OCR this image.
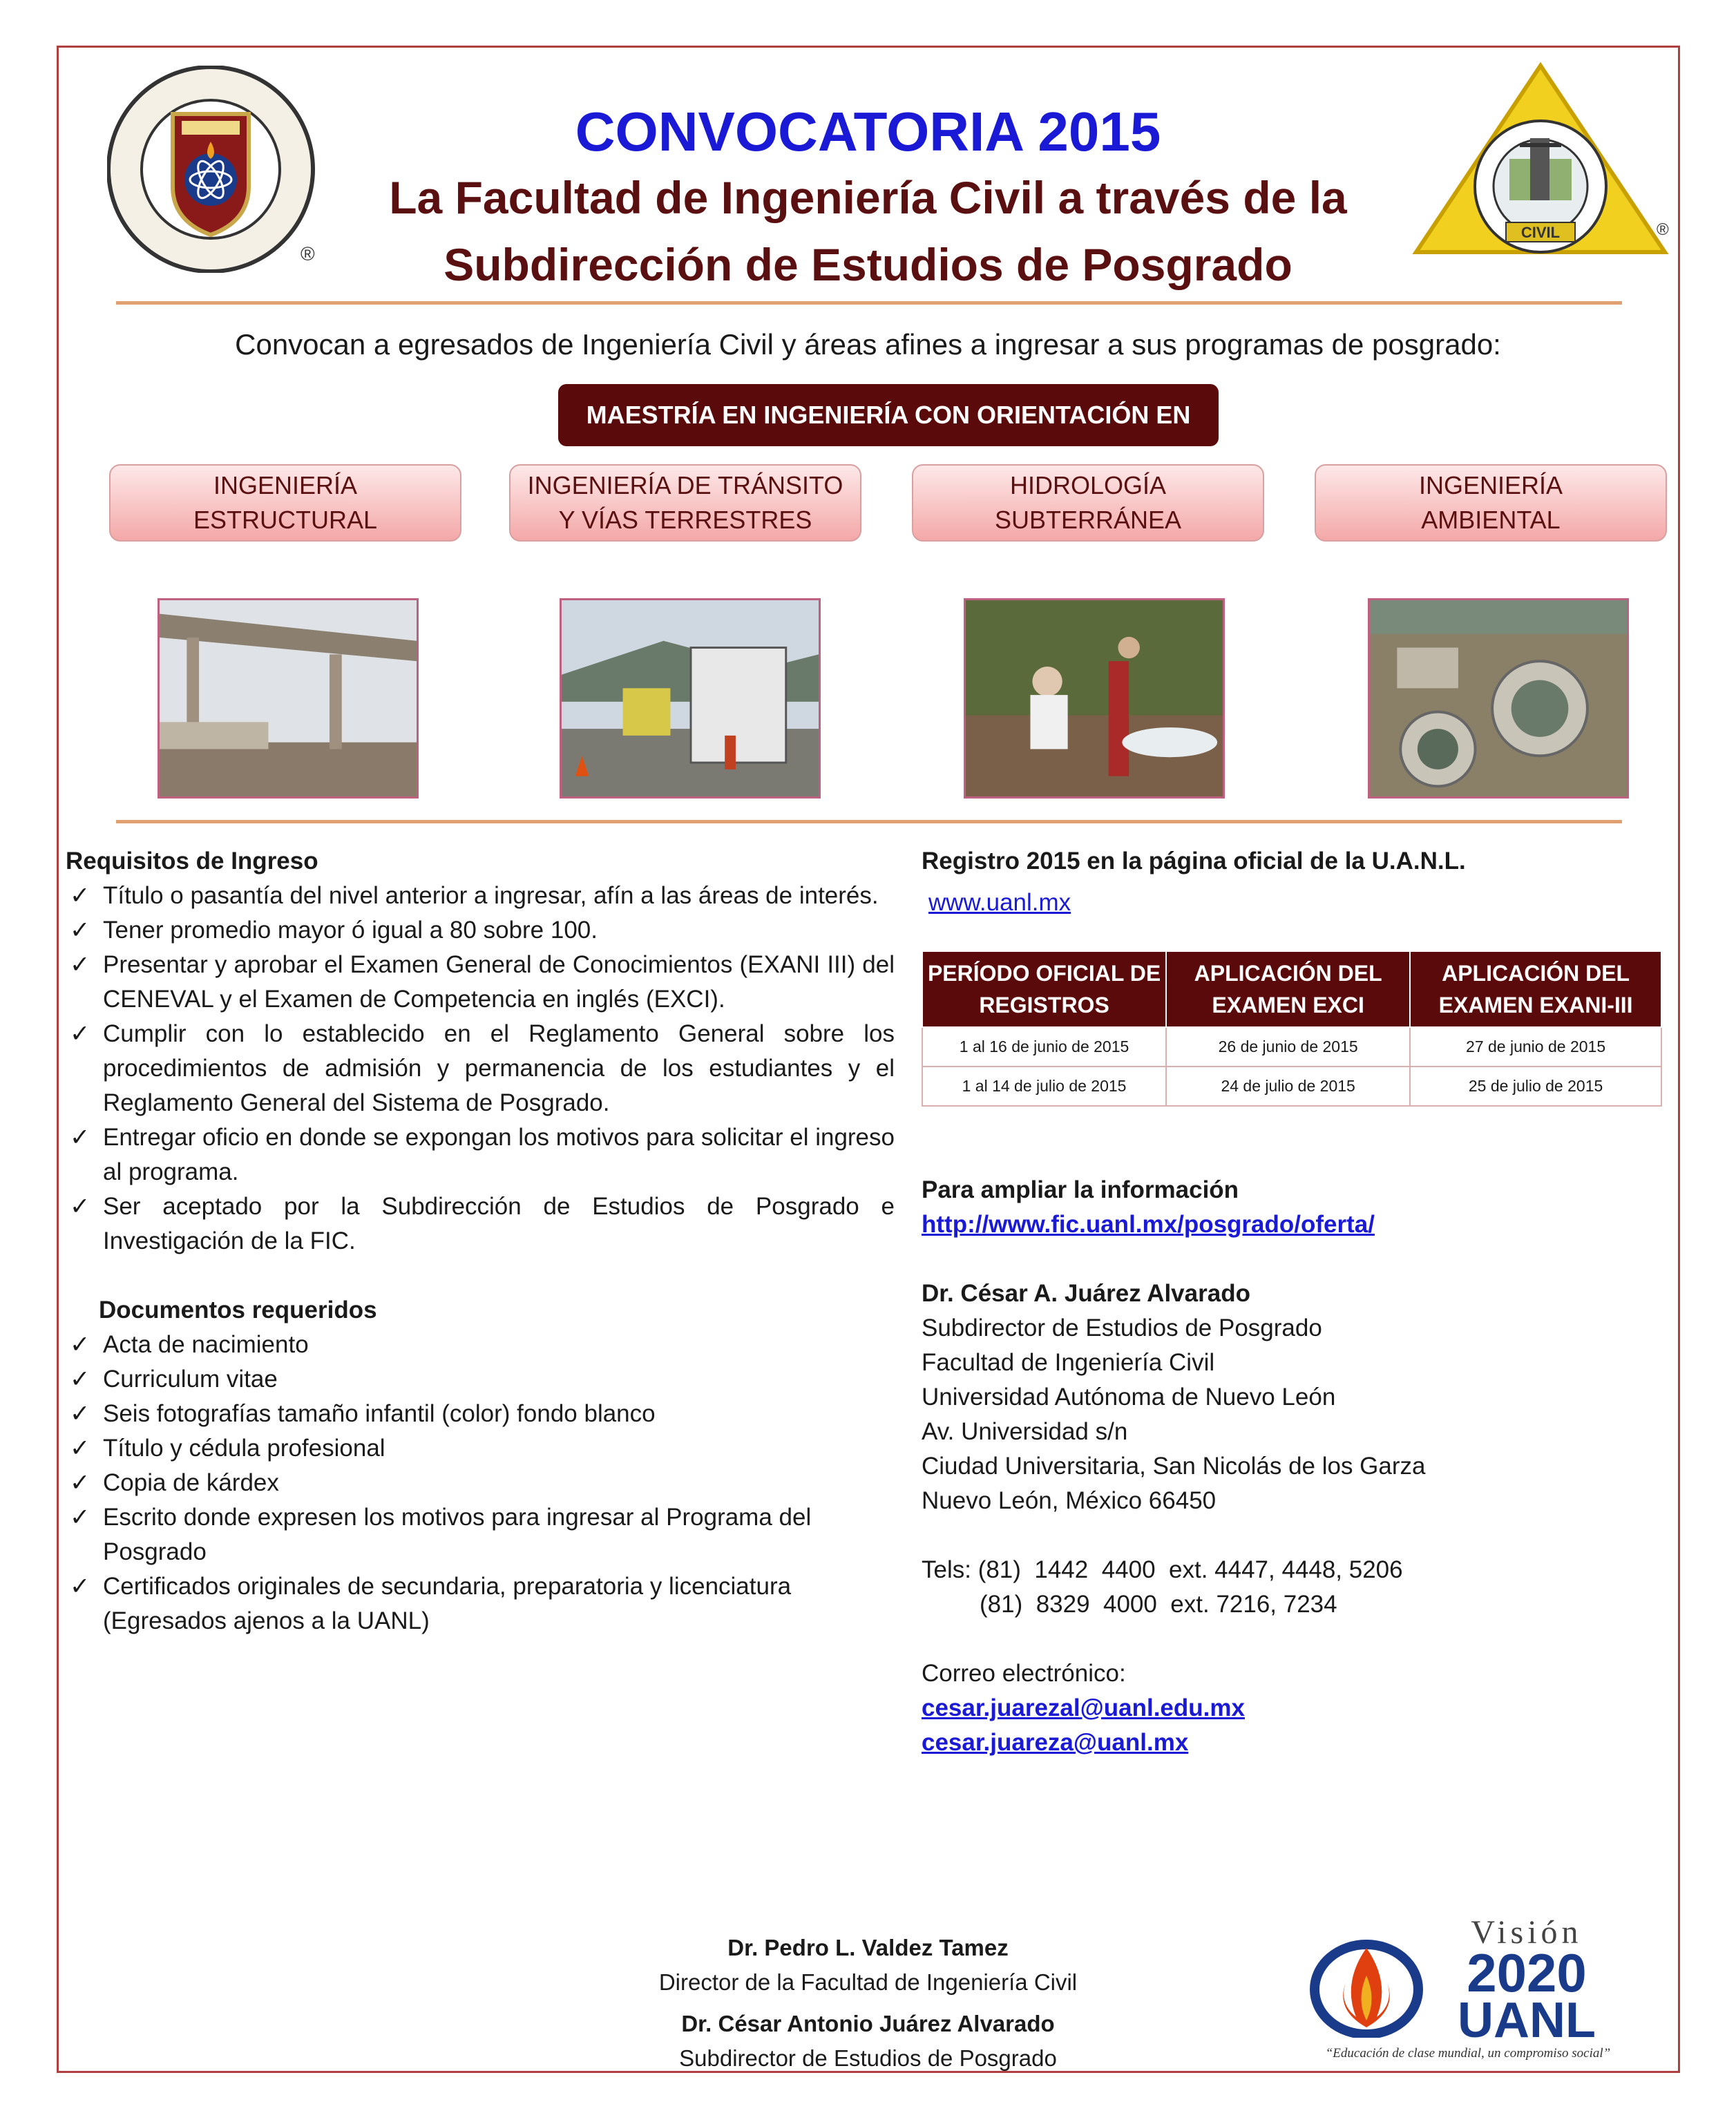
®
CIVIL	®
CONVOCATORIA 2015
La Facultad de Ingeniería Civil a través de la
Subdirección de Estudios de Posgrado
Convocan a egresados de Ingeniería Civil y áreas afines a ingresar a sus programas de posgrado:
MAESTRÍA EN INGENIERÍA CON ORIENTACIÓN EN
INGENIERÍA
ESTRUCTURAL
INGENIERÍA DE TRÁNSITO
Y VÍAS TERRESTRES
HIDROLOGÍA
SUBTERRÁNEA
INGENIERÍA
AMBIENTAL
Requisitos de Ingreso
✓ Título o pasantía del nivel anterior a ingresar, afín a las áreas de interés.
✓ Tener promedio mayor ó igual a 80 sobre 100.
✓ Presentar y aprobar el Examen General de Conocimientos (EXANI III) del CENEVAL y el Examen de Competencia en inglés (EXCI).
✓ Cumplir con lo establecido en el Reglamento General sobre los procedimientos de admisión y permanencia de los estudiantes y el Reglamento General del Sistema de Posgrado.
✓ Entregar oficio en donde se expongan los motivos para solicitar el ingreso al programa.
✓ Ser aceptado por la Subdirección de Estudios de Posgrado e Investigación de la FIC.
Documentos requeridos
✓ Acta de nacimiento
✓ Curriculum vitae
✓ Seis fotografías tamaño infantil (color) fondo blanco
✓ Título y cédula profesional
✓ Copia de kárdex
✓ Escrito donde expresen los motivos para ingresar al Programa del Posgrado
✓ Certificados originales de secundaria, preparatoria y licenciatura (Egresados ajenos a la UANL)
Registro 2015 en la página oficial de la U.A.N.L.
www.uanl.mx
PERÍODO OFICIAL DE REGISTROS	APLICACIÓN DEL EXAMEN EXCI	APLICACIÓN DEL EXAMEN EXANI-III
1 al 16 de junio de 2015	26 de junio de 2015	27 de junio de 2015
1 al 14 de julio de 2015	24 de julio de 2015	25 de julio de 2015
Para ampliar la información
http://www.fic.uanl.mx/posgrado/oferta/
Dr. César A. Juárez Alvarado
Subdirector de Estudios de Posgrado
Facultad de Ingeniería Civil
Universidad Autónoma de Nuevo León
Av. Universidad s/n
Ciudad Universitaria, San Nicolás de los Garza
Nuevo León, México 66450
Tels: (81)  1442  4400  ext. 4447, 4448, 5206
(81)  8329  4000  ext. 7216, 7234
Correo electrónico:
cesar.juarezal@uanl.edu.mx
cesar.juareza@uanl.mx
Dr. Pedro L. Valdez Tamez
Director de la Facultad de Ingeniería Civil
Dr. César Antonio Juárez Alvarado
Subdirector de Estudios de Posgrado
Visión
2020
UANL
“Educación de clase mundial, un compromiso social”
